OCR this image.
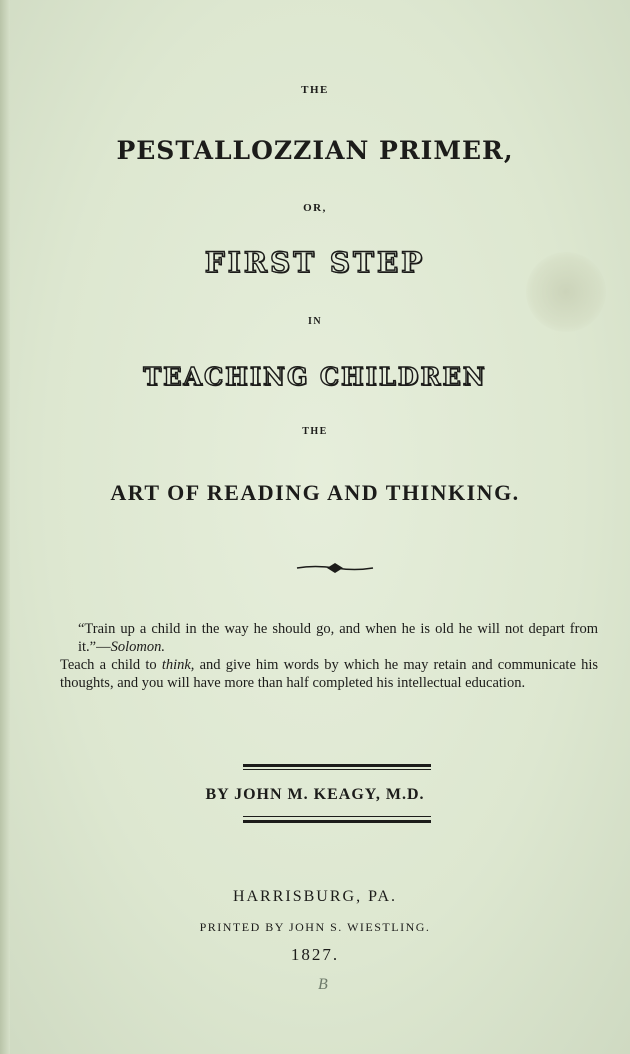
THE
PESTALLOZZIAN PRIMER,
OR,
FIRST STEP
IN
TEACHING CHILDREN
THE
ART OF READING AND THINKING.

“Train up a child in the way he should go, and when he is old he will not depart from it.”—Solomon.

Teach a child to think, and give him words by which he may retain and communicate his thoughts, and you will have more than half completed his intellectual education.

BY JOHN M. KEAGY, M.D.
HARRISBURG, PA.
PRINTED BY JOHN S. WIESTLING.
1827.
B
